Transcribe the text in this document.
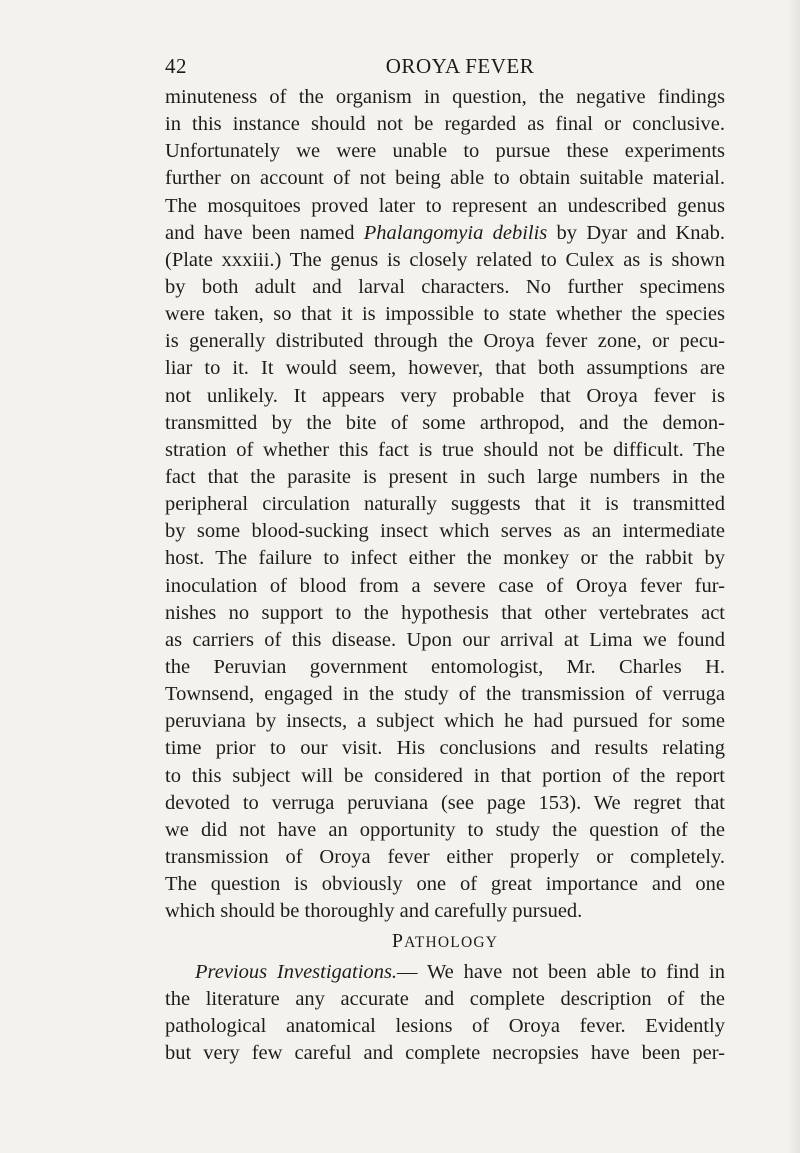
42	OROYA FEVER
minuteness of the organism in question, the negative findings
in this instance should not be regarded as final or conclusive.
Unfortunately we were unable to pursue these experiments
further on account of not being able to obtain suitable material.
The mosquitoes proved later to represent an undescribed genus
and have been named Phalangomyia debilis by Dyar and Knab.
(Plate xxxiii.) The genus is closely related to Culex as is shown
by both adult and larval characters. No further specimens
were taken, so that it is impossible to state whether the species
is generally distributed through the Oroya fever zone, or pecu-
liar to it. It would seem, however, that both assumptions are
not unlikely. It appears very probable that Oroya fever is
transmitted by the bite of some arthropod, and the demon-
stration of whether this fact is true should not be difficult. The
fact that the parasite is present in such large numbers in the
peripheral circulation naturally suggests that it is transmitted
by some blood-sucking insect which serves as an intermediate
host. The failure to infect either the monkey or the rabbit by
inoculation of blood from a severe case of Oroya fever fur-
nishes no support to the hypothesis that other vertebrates act
as carriers of this disease. Upon our arrival at Lima we found
the Peruvian government entomologist, Mr. Charles H.
Townsend, engaged in the study of the transmission of verruga
peruviana by insects, a subject which he had pursued for some
time prior to our visit. His conclusions and results relating
to this subject will be considered in that portion of the report
devoted to verruga peruviana (see page 153). We regret that
we did not have an opportunity to study the question of the
transmission of Oroya fever either properly or completely.
The question is obviously one of great importance and one
which should be thoroughly and carefully pursued.
PATHOLOGY
Previous Investigations.— We have not been able to find in
the literature any accurate and complete description of the
pathological anatomical lesions of Oroya fever. Evidently
but very few careful and complete necropsies have been per-
